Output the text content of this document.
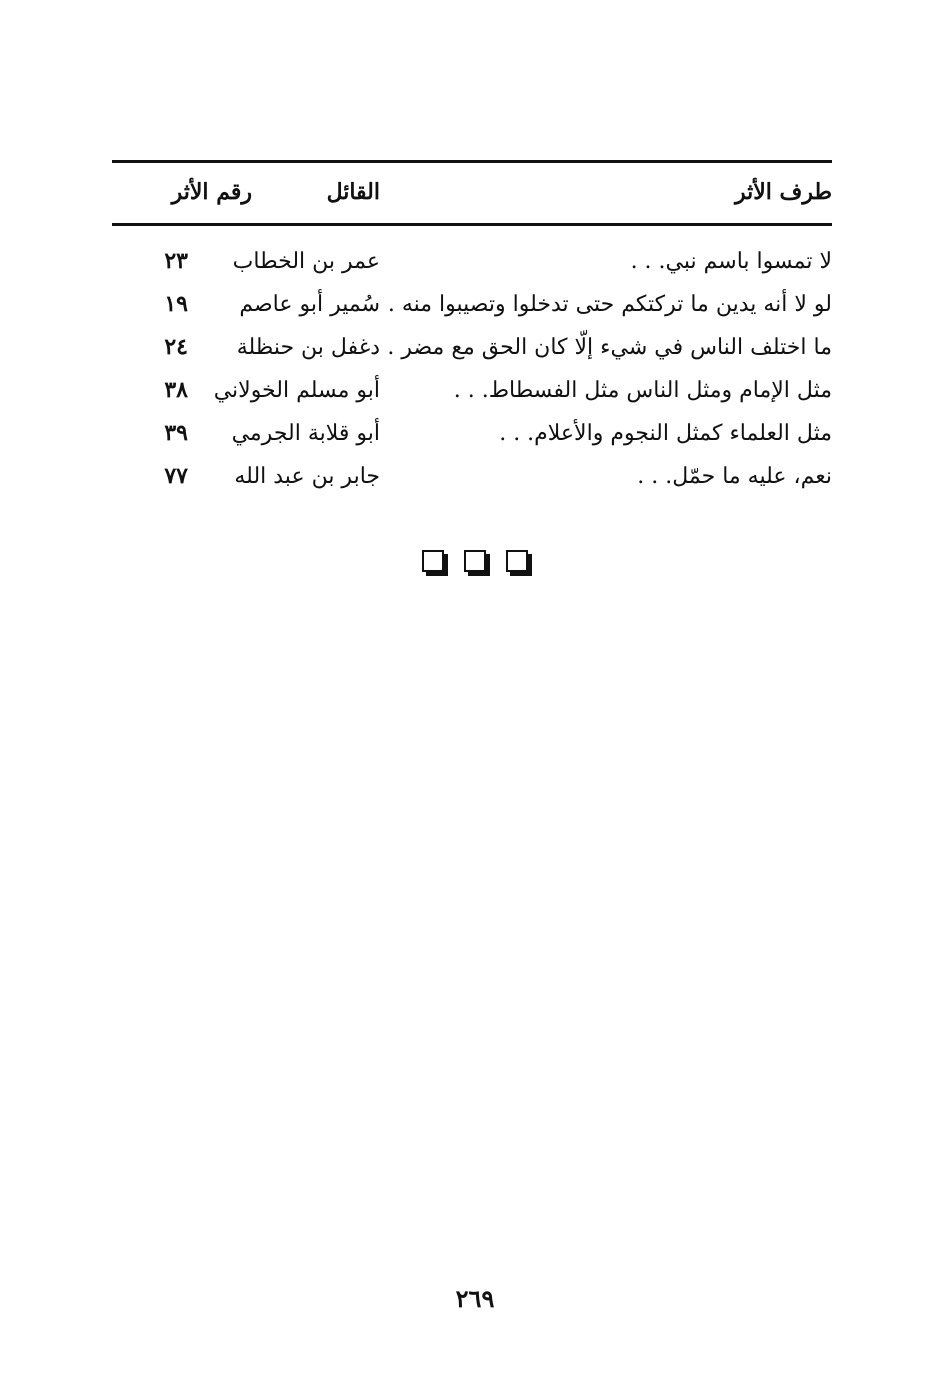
طرف الأثر
القائل
رقم الأثر
لا تمسوا باسم نبي. . .
عمر بن الخطاب
٢٣
لو لا أنه يدين ما تركتكم حتى تدخلوا وتصيبوا منه .
سُمير أبو عاصم
١٩
ما اختلف الناس في شيء إلّا كان الحق مع مضر .
دغفل بن حنظلة
٢٤
مثل الإمام ومثل الناس مثل الفسطاط. . .
أبو مسلم الخولاني
٣٨
مثل العلماء كمثل النجوم والأعلام. . .
أبو قلابة الجرمي
٣٩
نعم، عليه ما حمّل. . .
جابر بن عبد الله
٧٧
٢٦٩
